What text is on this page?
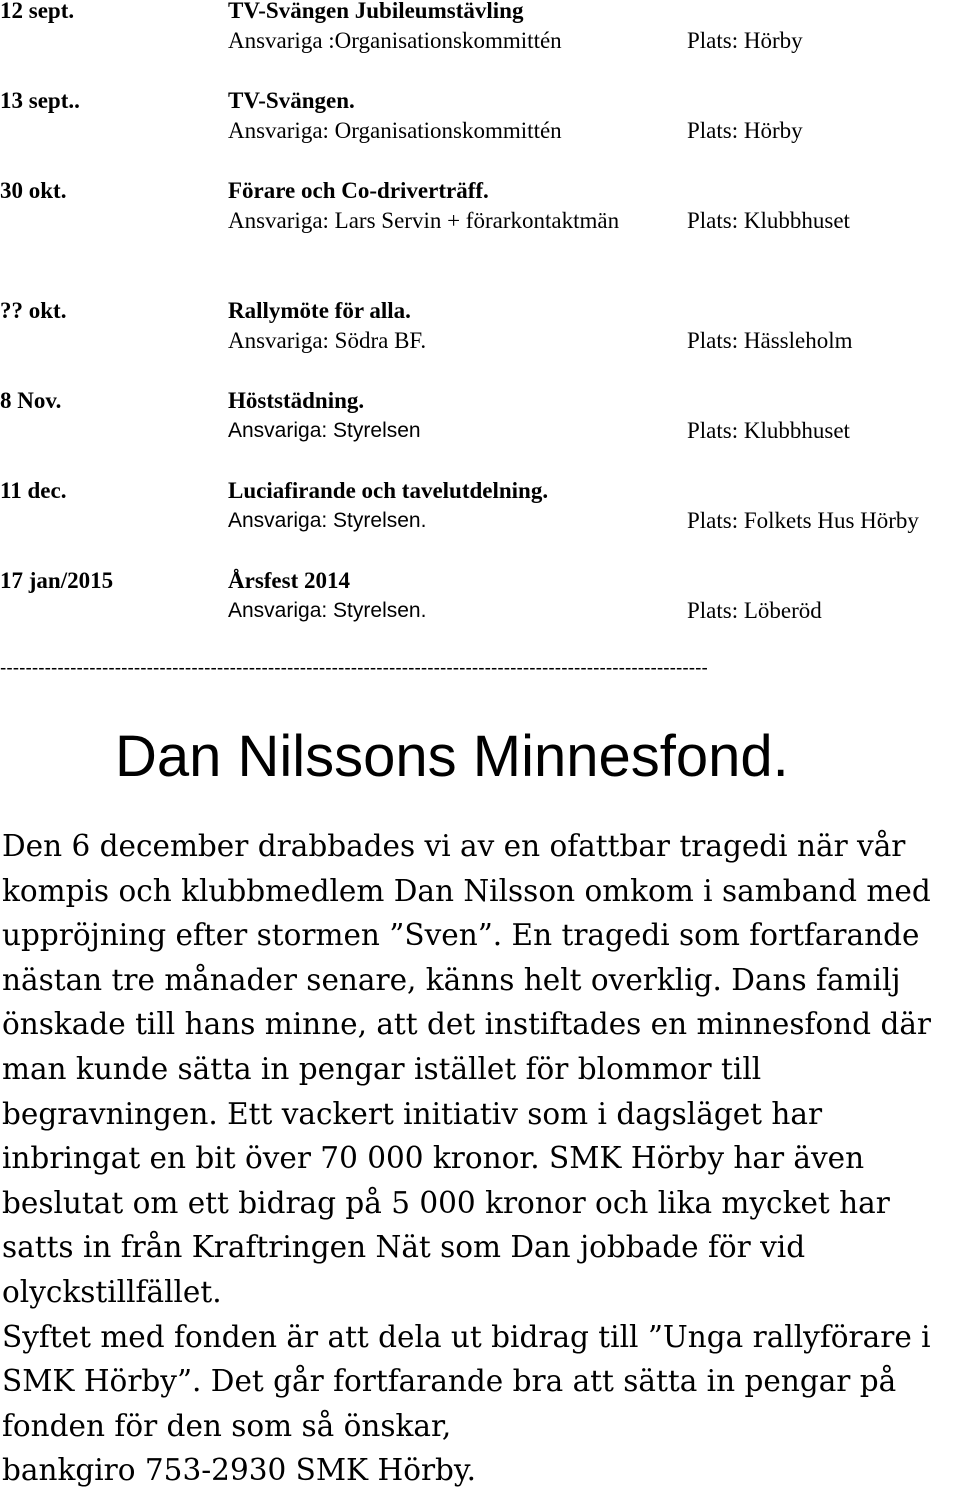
12 sept.	TV-Svängen Jubileumstävling
Ansvariga :Organisationskommittén	Plats: Hörby
13 sept..	TV-Svängen.
Ansvariga: Organisationskommittén	Plats: Hörby
30 okt.	Förare och Co-driverträff.
Ansvariga: Lars Servin + förarkontaktmän	Plats: Klubbhuset
?? okt.	Rallymöte för alla.
Ansvariga: Södra BF.	Plats: Hässleholm
8 Nov.	Höststädning.
Ansvariga: Styrelsen	Plats: Klubbhuset
11 dec.	Luciafirande och tavelutdelning.
Ansvariga: Styrelsen.	Plats: Folkets Hus Hörby
17 jan/2015	Årsfest 2014
Ansvariga: Styrelsen.	Plats: Löberöd
---------------------------------------------------------------------------------------------------------------
Dan Nilssons Minnesfond.

Den 6 december drabbades vi av en ofattbar tragedi när vår kompis och klubbmedlem Dan Nilsson omkom i samband med uppröjning efter stormen ”Sven”. En tragedi som fortfarande nästan tre månader senare, känns helt overklig. Dans familj önskade till hans minne, att det instiftades en minnesfond där man kunde sätta in pengar istället för blommor till begravningen. Ett vackert initiativ som i dagsläget har inbringat en bit över 70 000 kronor. SMK Hörby har även beslutat om ett bidrag på 5 000 kronor och lika mycket har satts in från Kraftringen Nät som Dan jobbade för vid olyckstillfället.

Syftet med fonden är att dela ut bidrag till ”Unga rallyförare i SMK Hörby”. Det går fortfarande bra att sätta in pengar på fonden för den som så önskar,

bankgiro 753-2930 SMK Hörby.
